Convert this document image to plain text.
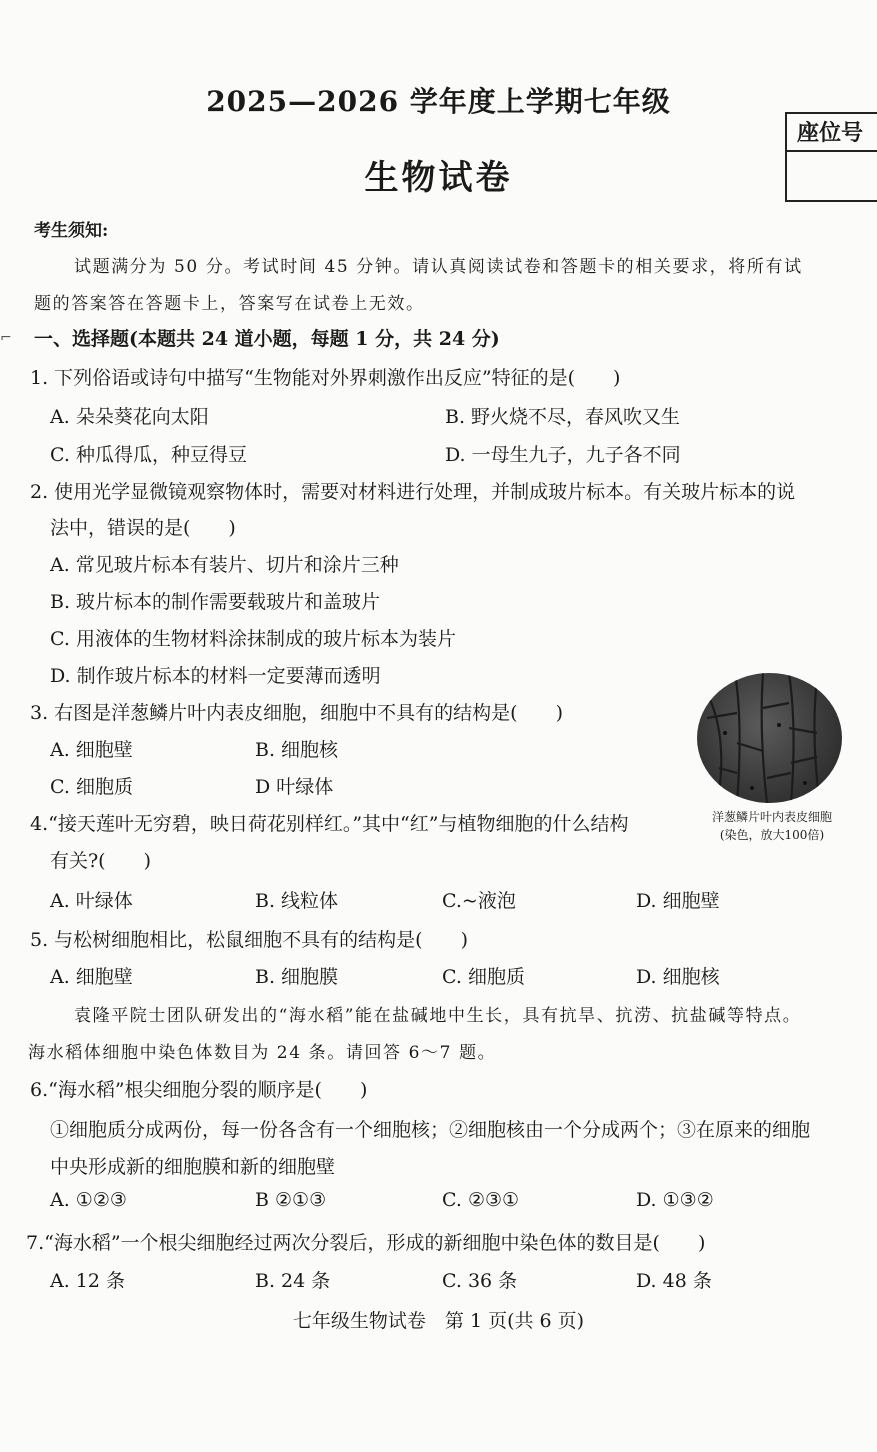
2025—2026 学年度上学期七年级
生物试卷
座位号
⌐
考生须知:
试题满分为 50 分。考试时间 45 分钟。请认真阅读试卷和答题卡的相关要求，将所有试
题的答案答在答题卡上，答案写在试卷上无效。
一、选择题(本题共 24 道小题，每题 1 分，共 24 分)
1. 下列俗语或诗句中描写“生物能对外界刺激作出反应”特征的是(　　)
A. 朵朵葵花向太阳	B. 野火烧不尽，春风吹又生
C. 种瓜得瓜，种豆得豆	D. 一母生九子，九子各不同
2. 使用光学显微镜观察物体时，需要对材料进行处理，并制成玻片标本。有关玻片标本的说
法中，错误的是(　　)
A. 常见玻片标本有装片、切片和涂片三种
B. 玻片标本的制作需要载玻片和盖玻片
C. 用液体的生物材料涂抹制成的玻片标本为装片
D. 制作玻片标本的材料一定要薄而透明
3. 右图是洋葱鳞片叶内表皮细胞，细胞中不具有的结构是(　　)
A. 细胞壁	B. 细胞核
C. 细胞质	D 叶绿体
洋葱鳞片叶内表皮细胞
(染色，放大100倍)
4.“接天莲叶无穷碧，映日荷花别样红。”其中“红”与植物细胞的什么结构
有关?(　　)
A. 叶绿体	B. 线粒体	C.~液泡	D. 细胞壁
5. 与松树细胞相比，松鼠细胞不具有的结构是(　　)
A. 细胞壁	B. 细胞膜	C. 细胞质	D. 细胞核
袁隆平院士团队研发出的“海水稻”能在盐碱地中生长，具有抗旱、抗涝、抗盐碱等特点。
海水稻体细胞中染色体数目为 24 条。请回答 6～7 题。
6.“海水稻”根尖细胞分裂的顺序是(　　)
①细胞质分成两份，每一份各含有一个细胞核；②细胞核由一个分成两个；③在原来的细胞
中央形成新的细胞膜和新的细胞壁
A. ①②③	B ②①③	C. ②③①	D. ①③②
7.“海水稻”一个根尖细胞经过两次分裂后，形成的新细胞中染色体的数目是(　　)
A. 12 条	B. 24 条	C. 36 条	D. 48 条
七年级生物试卷　第 1 页(共 6 页)
